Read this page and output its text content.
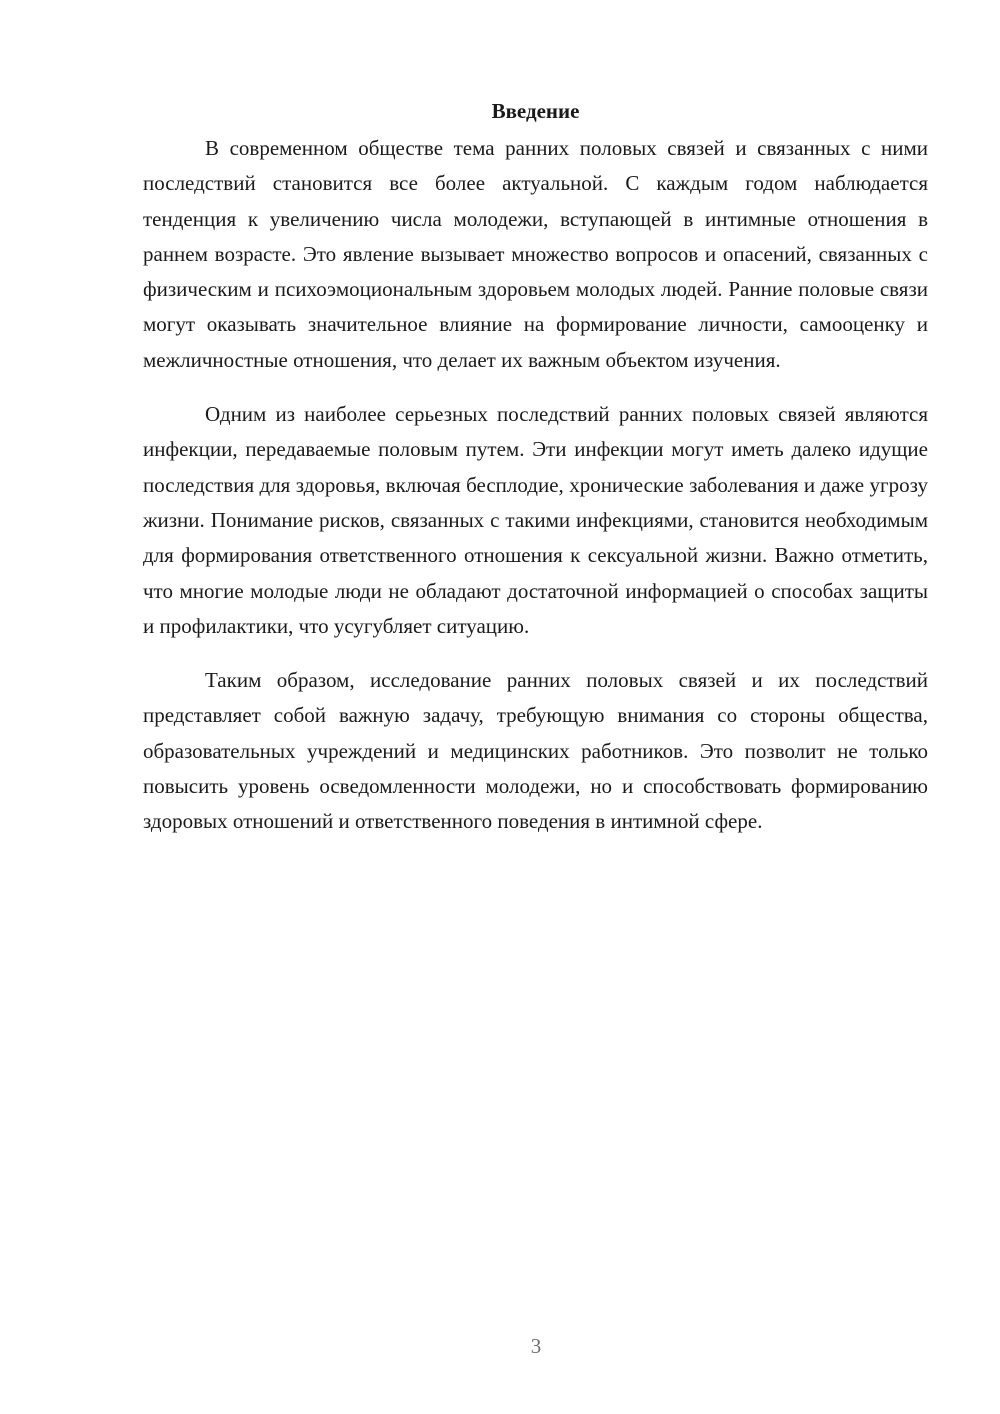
Введение

В современном обществе тема ранних половых связей и связанных с ними последствий становится все более актуальной. С каждым годом наблюдается тенденция к увеличению числа молодежи, вступающей в интимные отношения в раннем возрасте. Это явление вызывает множество вопросов и опасений, связанных с физическим и психоэмоциональным здоровьем молодых людей. Ранние половые связи могут оказывать значительное влияние на формирование личности, самооценку и межличностные отношения, что делает их важным объектом изучения.

Одним из наиболее серьезных последствий ранних половых связей являются инфекции, передаваемые половым путем. Эти инфекции могут иметь далеко идущие последствия для здоровья, включая бесплодие, хронические заболевания и даже угрозу жизни. Понимание рисков, связанных с такими инфекциями, становится необходимым для формирования ответственного отношения к сексуальной жизни. Важно отметить, что многие молодые люди не обладают достаточной информацией о способах защиты и профилактики, что усугубляет ситуацию.

Таким образом, исследование ранних половых связей и их последствий представляет собой важную задачу, требующую внимания со стороны общества, образовательных учреждений и медицинских работников. Это позволит не только повысить уровень осведомленности молодежи, но и способствовать формированию здоровых отношений и ответственного поведения в интимной сфере.

3
